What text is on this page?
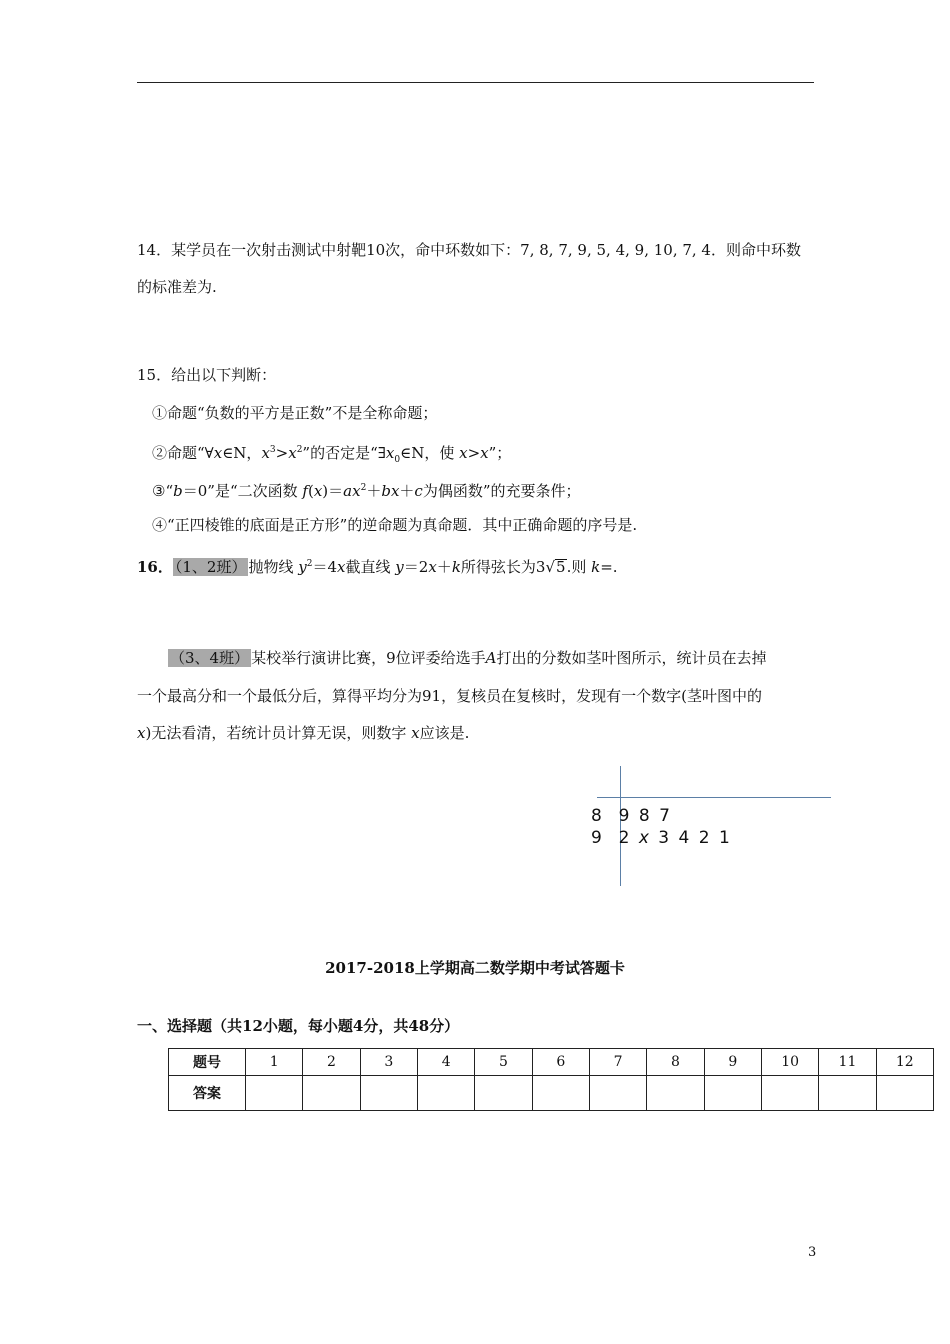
14．某学员在一次射击测试中射靶10次，命中环数如下：7, 8, 7, 9, 5, 4, 9, 10, 7, 4．则命中环数
的标准差为.
15．给出以下判断：
①命题“负数的平方是正数”不是全称命题；
②命题“∀x∈N，$x^3>x^2$”的否定是“$\exists x_0\in N$，使 x>x”；
③“b＝0”是“二次函数 $f(x)=ax^2+bx+c$为偶函数”的充要条件；
④“正四棱锥的底面是正方形”的逆命题为真命题．其中正确命题的序号是.
16． （1、2班） 抛物线 $y^2=4x$截直线 y＝2x＋k所得弦长为3√5.则 k=.
（3、4班） 某校举行演讲比赛，9位评委给选手A打出的分数如茎叶图所示，统计员在去掉
一个最高分和一个最低分后，算得平均分为91，复核员在复核时，发现有一个数字(茎叶图中的
x)无法看清，若统计员计算无误，则数字 x应该是.
8  9 8 7
9  2 x 3 4 2 1
2017-2018上学期高二数学期中考试答题卡
一、选择题（共12小题，每小题4分，共48分）
题号	1	2	3	4	5	6	7	8	9	10	11	12
答案												
3
